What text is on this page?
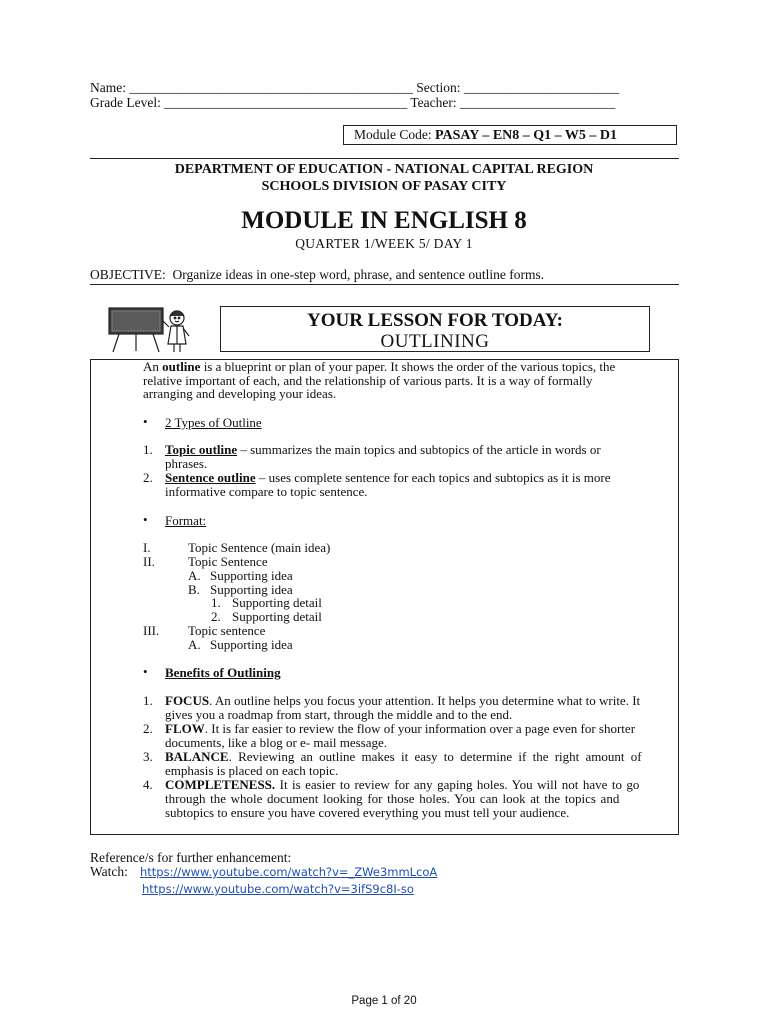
Name: __________________________________________ Section: _______________________
Grade Level: ____________________________________ Teacher: _______________________
Module Code: PASAY – EN8 – Q1 – W5 – D1
DEPARTMENT OF EDUCATION - NATIONAL CAPITAL REGION
SCHOOLS DIVISION OF PASAY CITY
MODULE IN ENGLISH 8
QUARTER 1/WEEK 5/ DAY 1
OBJECTIVE: Organize ideas in one-step word, phrase, and sentence outline forms.
YOUR LESSON FOR TODAY:
OUTLINING
An outline is a blueprint or plan of your paper. It shows the order of the various topics, the
relative important of each, and the relationship of various parts. It is a way of formally
arranging and developing your ideas.
• 2 Types of Outline
1. Topic outline – summarizes the main topics and subtopics of the article in words or
phrases.
2. Sentence outline – uses complete sentence for each topics and subtopics as it is more
informative compare to topic sentence.
• Format:
I.	Topic Sentence (main idea)
II.	Topic Sentence
A. Supporting idea
B. Supporting idea
1. Supporting detail
2. Supporting detail
III. Topic sentence
A. Supporting idea
• Benefits of Outlining
1. FOCUS. An outline helps you focus your attention. It helps you determine what to write. It
gives you a roadmap from start, through the middle and to the end.
2. FLOW. It is far easier to review the flow of your information over a page even for shorter
documents, like a blog or e- mail message.
3. BALANCE. Reviewing an outline makes it easy to determine if the right amount of
emphasis is placed on each topic.
4. COMPLETENESS. It is easier to review for any gaping holes. You will not have to go
through the whole document looking for those holes. You can look at the topics and
subtopics to ensure you have covered everything you must tell your audience.
Reference/s for further enhancement:
Watch: https://www.youtube.com/watch?v=_ZWe3mmLcoA
https://www.youtube.com/watch?v=3ifS9c8I-so
Page 1 of 20
